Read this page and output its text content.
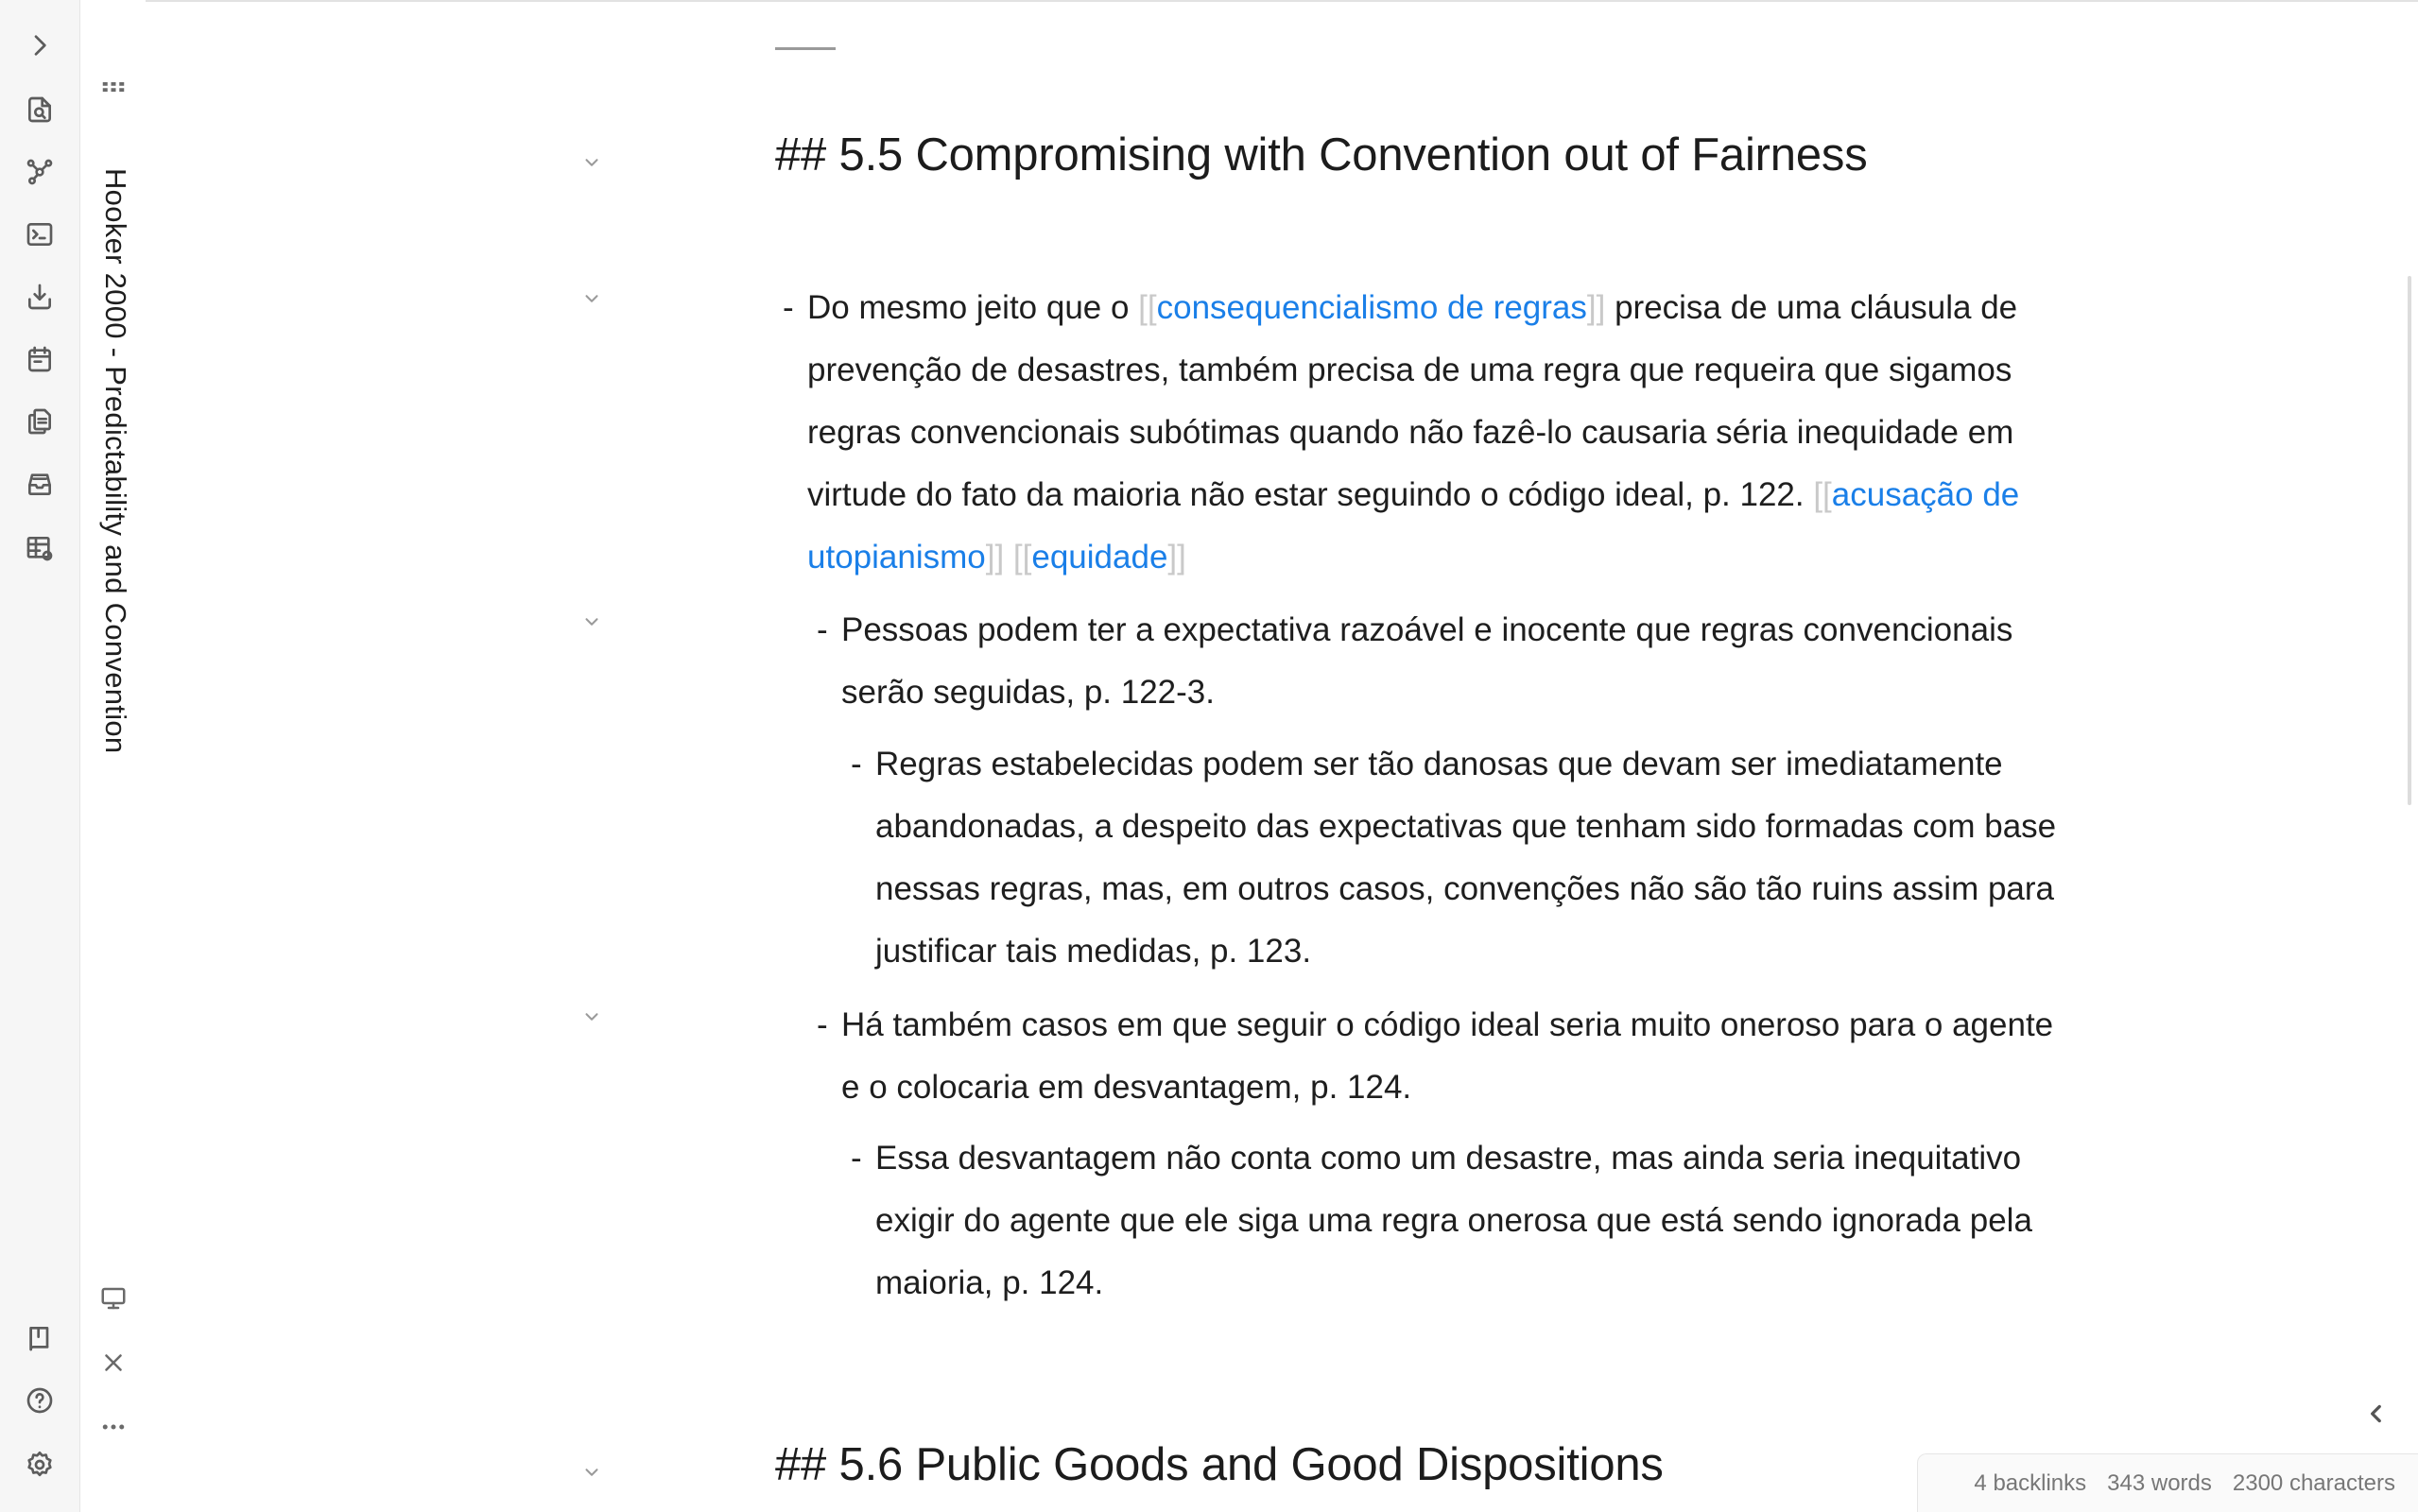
Hooker 2000 - Predictability and Convention
## 5.5 Compromising with Convention out of Fairness
- Do mesmo jeito que o [[consequencialismo de regras]] precisa de uma cláusula de prevenção de desastres, também precisa de uma regra que requeira que sigamos regras convencionais subótimas quando não fazê-lo causaria séria inequidade em virtude do fato da maioria não estar seguindo o código ideal, p. 122. [[acusação de utopianismo]] [[equidade]]
- Pessoas podem ter a expectativa razoável e inocente que regras convencionais serão seguidas, p. 122-3.
- Regras estabelecidas podem ser tão danosas que devam ser imediatamente abandonadas, a despeito das expectativas que tenham sido formadas com base nessas regras, mas, em outros casos, convenções não são tão ruins assim para justificar tais medidas, p. 123.
- Há também casos em que seguir o código ideal seria muito oneroso para o agente e o colocaria em desvantagem, p. 124.
- Essa desvantagem não conta como um desastre, mas ainda seria inequitativo exigir do agente que ele siga uma regra onerosa que está sendo ignorada pela maioria, p. 124.
## 5.6 Public Goods and Good Dispositions	4 backlinks 343 words 2300 characters
